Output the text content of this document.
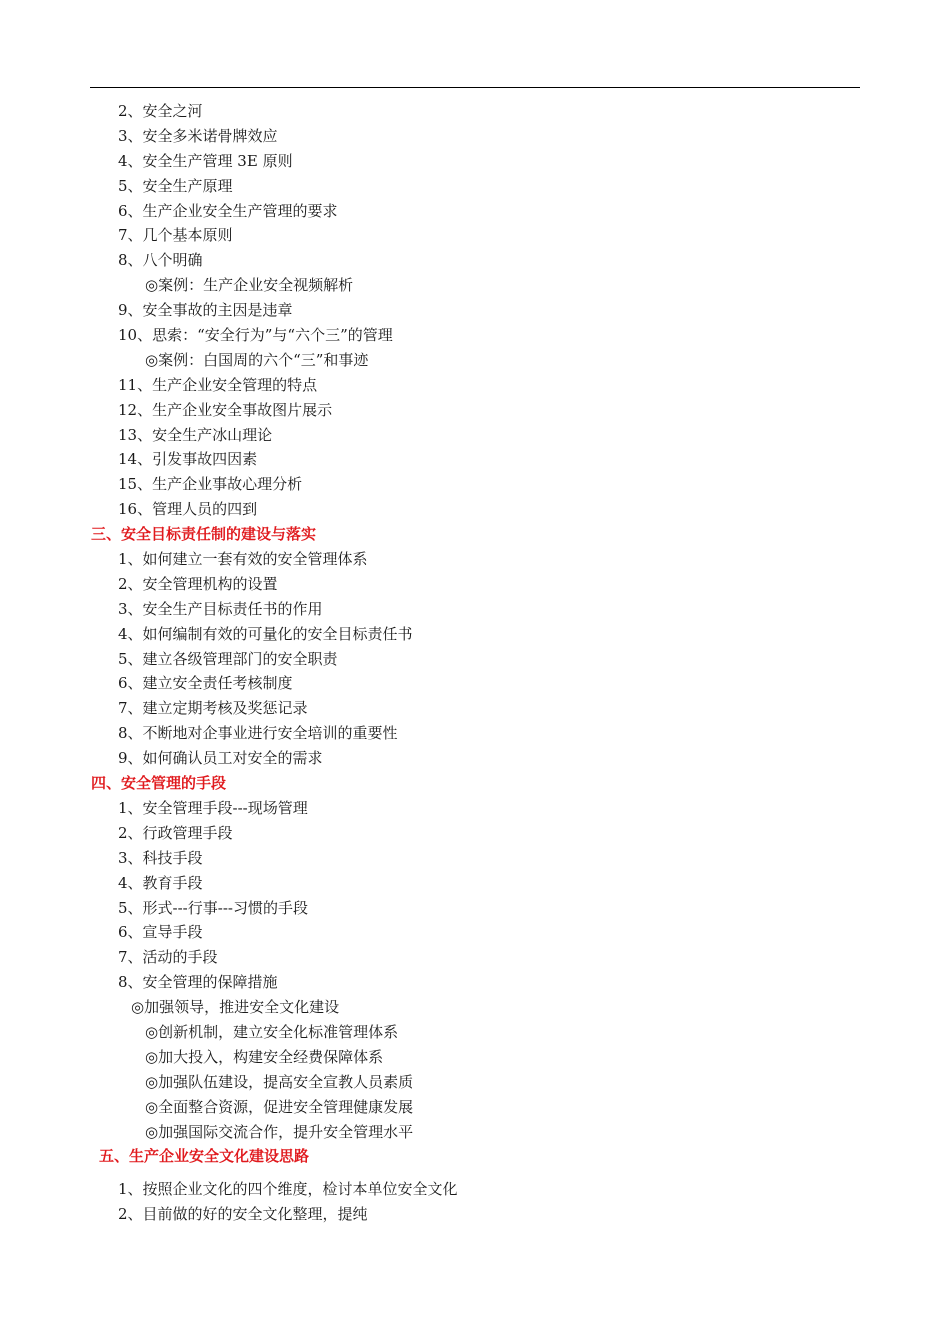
2、安全之河
3、安全多米诺骨牌效应
4、安全生产管理 3E 原则
5、安全生产原理
6、生产企业安全生产管理的要求
7、几个基本原则
8、八个明确
◎案例：生产企业安全视频解析
9、安全事故的主因是违章
10、思索：“安全行为”与“六个三”的管理
◎案例：白国周的六个“三”和事迹
11、生产企业安全管理的特点
12、生产企业安全事故图片展示
13、安全生产冰山理论
14、引发事故四因素
15、生产企业事故心理分析
16、管理人员的四到
三、安全目标责任制的建设与落实
1、如何建立一套有效的安全管理体系
2、安全管理机构的设置
3、安全生产目标责任书的作用
4、如何编制有效的可量化的安全目标责任书
5、建立各级管理部门的安全职责
6、建立安全责任考核制度
7、建立定期考核及奖惩记录
8、不断地对企事业进行安全培训的重要性
9、如何确认员工对安全的需求
四、安全管理的手段
1、安全管理手段---现场管理
2、行政管理手段
3、科技手段
4、教育手段
5、形式---行事---习惯的手段
6、宣导手段
7、活动的手段
8、安全管理的保障措施
◎加强领导，推进安全文化建设
◎创新机制，建立安全化标准管理体系
◎加大投入，构建安全经费保障体系
◎加强队伍建设，提高安全宣教人员素质
◎全面整合资源，促进安全管理健康发展
◎加强国际交流合作，提升安全管理水平
五、生产企业安全文化建设思路
1、按照企业文化的四个维度，检讨本单位安全文化
2、目前做的好的安全文化整理，提纯
